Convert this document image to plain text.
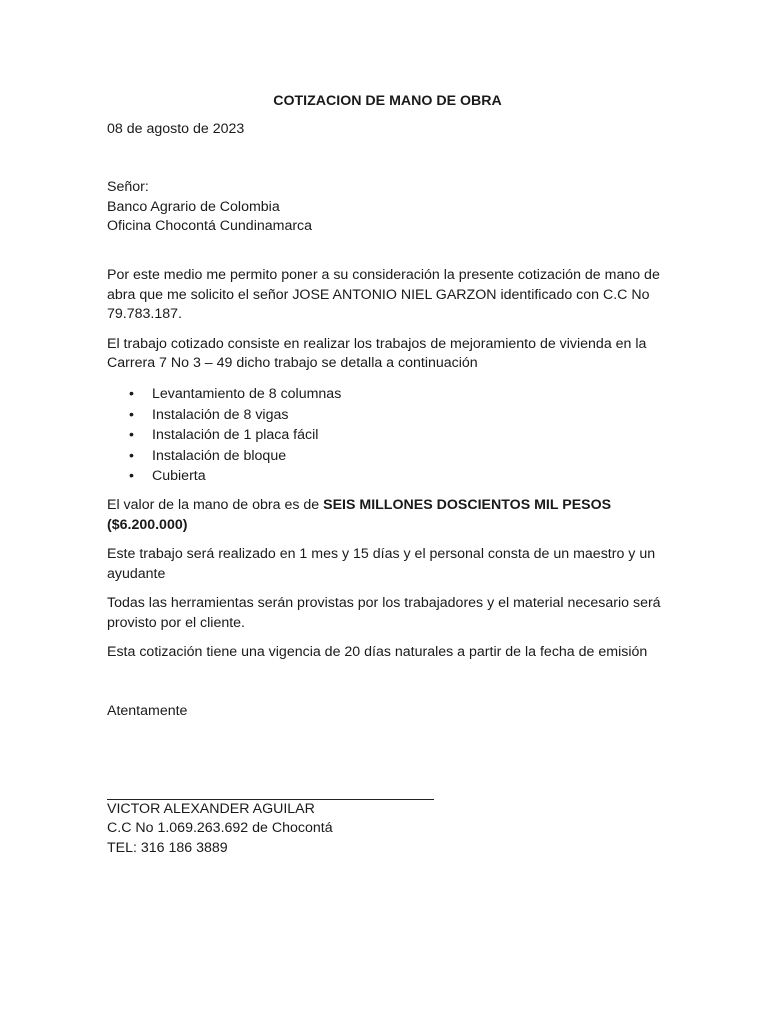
COTIZACION DE MANO DE OBRA
08 de agosto de 2023
Señor:
Banco Agrario de Colombia
Oficina Chocontá Cundinamarca

Por este medio me permito poner a su consideración la presente cotización de mano de abra que me solicito el señor JOSE ANTONIO NIEL GARZON identificado con C.C No 79.783.187.

El trabajo cotizado consiste en realizar los trabajos de mejoramiento de vivienda en la Carrera 7 No 3 – 49 dicho trabajo se detalla a continuación

• Levantamiento de 8 columnas
• Instalación de 8 vigas
• Instalación de 1 placa fácil
• Instalación de bloque
• Cubierta

El valor de la mano de obra es de SEIS MILLONES DOSCIENTOS MIL PESOS ($6.200.000)

Este trabajo será realizado en 1 mes y 15 días y el personal consta de un maestro y un ayudante

Todas las herramientas serán provistas por los trabajadores y el material necesario será provisto por el cliente.

Esta cotización tiene una vigencia de 20 días naturales a partir de la fecha de emisión

Atentamente
VICTOR ALEXANDER AGUILAR
C.C No 1.069.263.692 de Chocontá
TEL: 316 186 3889
